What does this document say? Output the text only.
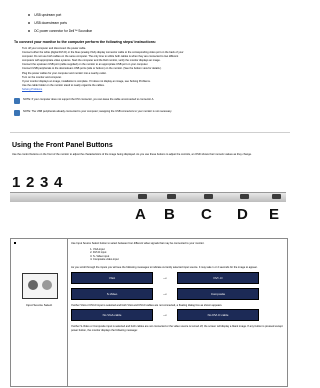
USB upstream port
USB downstream ports
DC power connector for Dell™ Soundbar
To connect your monitor to the computer perform the following steps/ instructions:
Turn off your computer and disconnect the power cable.
Connect either the white (digital DVI-D) or the blue (analog VGA) display connector cable to the corresponding video port on the back of your
computer. Do not use both cables on the same computer. The only time to utilize both cables is when they are connected to two different
computers with appropriate video systems. Start the computer and the Dell monitor, verify the monitor displays an image.
Connect the upstream USB port (cable supplied) on the monitor to an appropriate USB port on your computer.
Connect USB peripherals to the downstream USB ports (side or bottom) on the monitor. (See the bottom view for details.)
Plug the power cables for your computer and monitor into a nearby outlet.
Turn on the monitor and computer.
If your monitor displays an image, installation is complete. If it does not display an image, see Solving Problems.
Use the cable holder on the monitor stand to neatly organize the cables.
Solving Problems
NOTE: If your computer does not support the DVI connector, you can leave the cable unconnected to connector A.
NOTE: The USB peripherals already connected to your computer; swapping the USB connectors to your monitor is not necessary.
Using the Front Panel Buttons
Use the control buttons on the front of the monitor to adjust the characteristics of the image being displayed. As you use these buttons to adjust the controls, an OSD shows their numeric values as they change.
1 2 3 4
A B C D E
Input Source Select

Use Input Source Select button to select between four different video signals that may be connected to your monitor.
1. VGA input
2. DVI-D input
3. S- Video input
4. Composite video input
As you scroll through the inputs you will see the following messages to indicate currently selected input source. It may take 1 or 2 seconds for the image to appear.
VGA	→	DVI -D
S-Video	→	Composite
If either VGA or DVI-D input is selected and both VGA and DVI-D cables are not connected, a floating dialog box as shown appears.
No VGA cable	→	No DVI-D cable
If either S-Video or Composite input is selected and both cables are not connected or the video source is turned off, the screen will display a blank image. If any button is pressed except power button, the monitor displays the following message:
